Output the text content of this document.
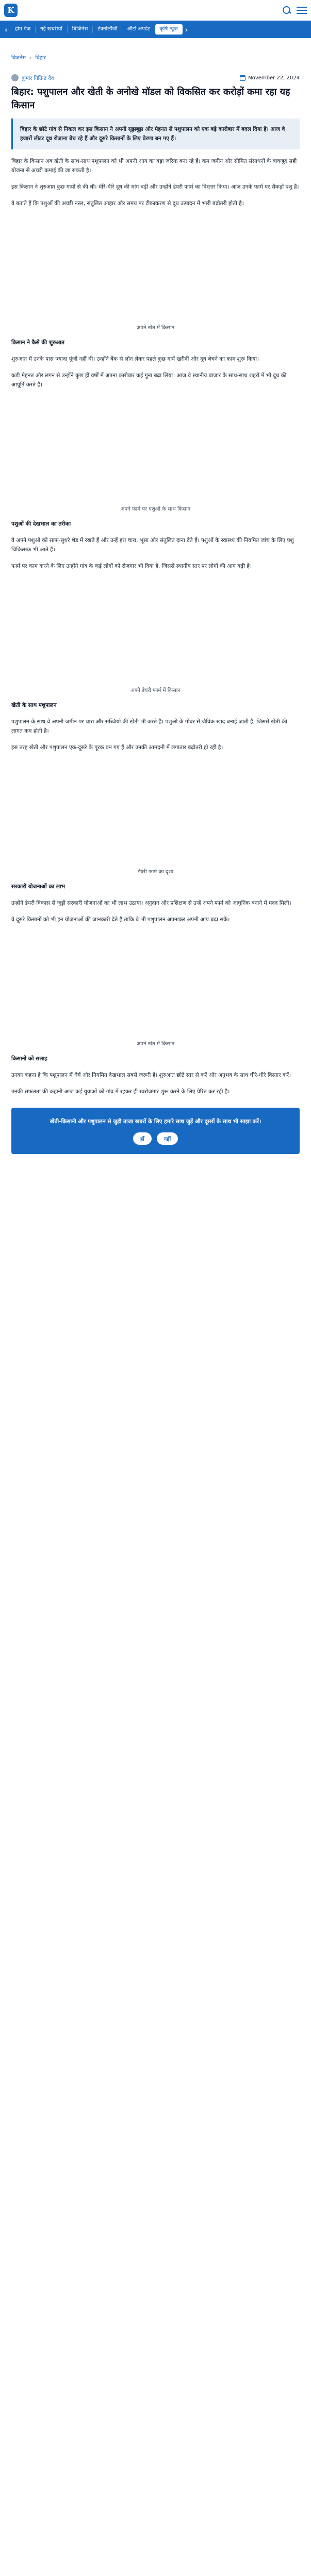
K
‹	होम पेज	नई खबरीयाँ	बिजिनेस	टेक्नोलॉजी	ऑटो अपडेट	कृषि न्यूज ›
बिजनेस › बिहार
कुमार नितिन्द्र देव	November 22, 2024
बिहार: पशुपालन और खेती के अनोखे मॉडल को विकसित कर करोड़ों कमा रहा यह किसान
बिहार के छोटे गांव से निकल कर इस किसान ने अपनी सूझबूझ और मेहनत से पशुपालन को एक बड़े कारोबार में बदल दिया है। आज वे हजारों लीटर दूध रोजाना बेच रहे हैं और दूसरे किसानों के लिए प्रेरणा बन गए हैं।

बिहार के किसान अब खेती के साथ-साथ पशुपालन को भी अपनी आय का बड़ा जरिया बना रहे हैं। कम जमीन और सीमित संसाधनों के बावजूद सही योजना से अच्छी कमाई की जा सकती है।

इस किसान ने शुरुआत कुछ गायों से की थी। धीरे-धीरे दूध की मांग बढ़ी और उन्होंने डेयरी फार्म का विस्तार किया। आज उनके फार्म पर सैकड़ों पशु हैं।

वे बताते हैं कि पशुओं की अच्छी नस्ल, संतुलित आहार और समय पर टीकाकरण से दूध उत्पादन में भारी बढ़ोतरी होती है।

अपने खेत में किसान
किसान ने कैसे की शुरुआत

शुरुआत में उनके पास ज्यादा पूंजी नहीं थी। उन्होंने बैंक से लोन लेकर पहले कुछ गायें खरीदीं और दूध बेचने का काम शुरू किया।

कड़ी मेहनत और लगन से उन्होंने कुछ ही वर्षों में अपना कारोबार कई गुना बढ़ा लिया। आज वे स्थानीय बाजार के साथ-साथ शहरों में भी दूध की आपूर्ति करते हैं।

अपने फार्म पर पशुओं के साथ किसान
पशुओं की देखभाल का तरीका

वे अपने पशुओं को साफ-सुथरे शेड में रखते हैं और उन्हें हरा चारा, भूसा और संतुलित दाना देते हैं। पशुओं के स्वास्थ्य की नियमित जांच के लिए पशु चिकित्सक भी आते हैं।

फार्म पर काम करने के लिए उन्होंने गांव के कई लोगों को रोजगार भी दिया है, जिससे स्थानीय स्तर पर लोगों की आय बढ़ी है।

अपने डेयरी फार्म में किसान
खेती के साथ पशुपालन

पशुपालन के साथ वे अपनी जमीन पर चारा और सब्जियों की खेती भी करते हैं। पशुओं के गोबर से जैविक खाद बनाई जाती है, जिससे खेती की लागत कम होती है।

इस तरह खेती और पशुपालन एक-दूसरे के पूरक बन गए हैं और उनकी आमदनी में लगातार बढ़ोतरी हो रही है।

डेयरी फार्म का दृश्य
सरकारी योजनाओं का लाभ

उन्होंने डेयरी विकास से जुड़ी सरकारी योजनाओं का भी लाभ उठाया। अनुदान और प्रशिक्षण से उन्हें अपने फार्म को आधुनिक बनाने में मदद मिली।

वे दूसरे किसानों को भी इन योजनाओं की जानकारी देते हैं ताकि वे भी पशुपालन अपनाकर अपनी आय बढ़ा सकें।

अपने खेत में किसान
किसानों को सलाह

उनका कहना है कि पशुपालन में धैर्य और नियमित देखभाल सबसे जरूरी है। शुरुआत छोटे स्तर से करें और अनुभव के साथ धीरे-धीरे विस्तार करें।

उनकी सफलता की कहानी आज कई युवाओं को गांव में रहकर ही स्वरोजगार शुरू करने के लिए प्रेरित कर रही है।

खेती-किसानी और पशुपालन से जुड़ी ताजा खबरों के लिए हमारे साथ जुड़ें और दूसरों के साथ भी साझा करें।

हाँ	नहीं
